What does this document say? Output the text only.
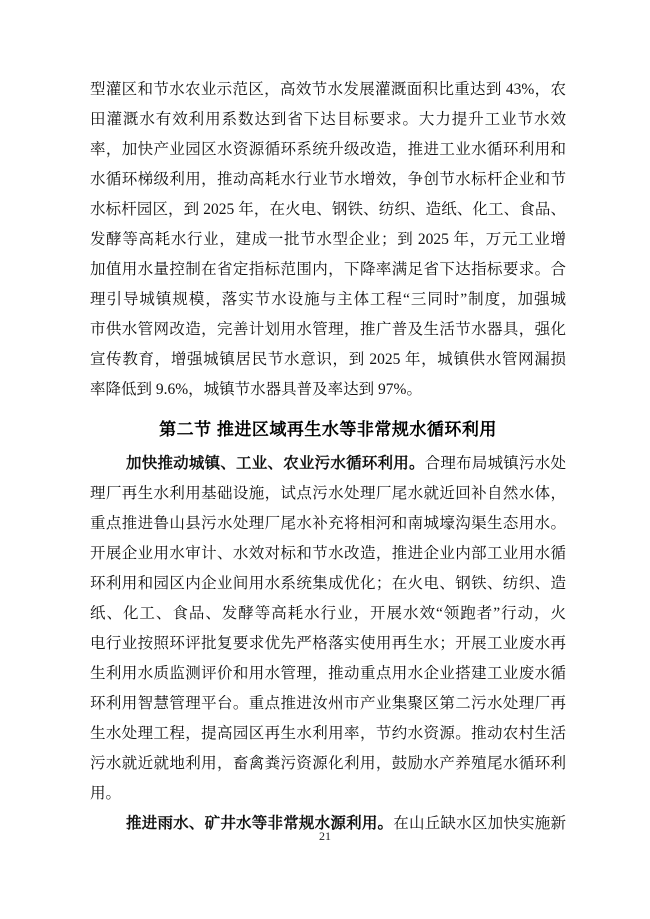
型灌区和节水农业示范区，高效节水发展灌溉面积比重达到 43%，农
田灌溉水有效利用系数达到省下达目标要求。大力提升工业节水效
率，加快产业园区水资源循环系统升级改造，推进工业水循环利用和
水循环梯级利用，推动高耗水行业节水增效，争创节水标杆企业和节
水标杆园区，到 2025 年，在火电、钢铁、纺织、造纸、化工、食品、
发酵等高耗水行业，建成一批节水型企业；到 2025 年，万元工业增
加值用水量控制在省定指标范围内，下降率满足省下达指标要求。合
理引导城镇规模，落实节水设施与主体工程“三同时”制度，加强城
市供水管网改造，完善计划用水管理，推广普及生活节水器具，强化
宣传教育，增强城镇居民节水意识，到 2025 年，城镇供水管网漏损
率降低到 9.6%，城镇节水器具普及率达到 97%。
第二节 推进区域再生水等非常规水循环利用
加快推动城镇、工业、农业污水循环利用。合理布局城镇污水处
理厂再生水利用基础设施，试点污水处理厂尾水就近回补自然水体，
重点推进鲁山县污水处理厂尾水补充将相河和南城壕沟渠生态用水。
开展企业用水审计、水效对标和节水改造，推进企业内部工业用水循
环利用和园区内企业间用水系统集成优化；在火电、钢铁、纺织、造
纸、化工、食品、发酵等高耗水行业，开展水效“领跑者”行动，火
电行业按照环评批复要求优先严格落实使用再生水；开展工业废水再
生利用水质监测评价和用水管理，推动重点用水企业搭建工业废水循
环利用智慧管理平台。重点推进汝州市产业集聚区第二污水处理厂再
生水处理工程，提高园区再生水利用率，节约水资源。推动农村生活
污水就近就地利用，畜禽粪污资源化利用，鼓励水产养殖尾水循环利
用。
推进雨水、矿井水等非常规水源利用。在山丘缺水区加快实施新
21
